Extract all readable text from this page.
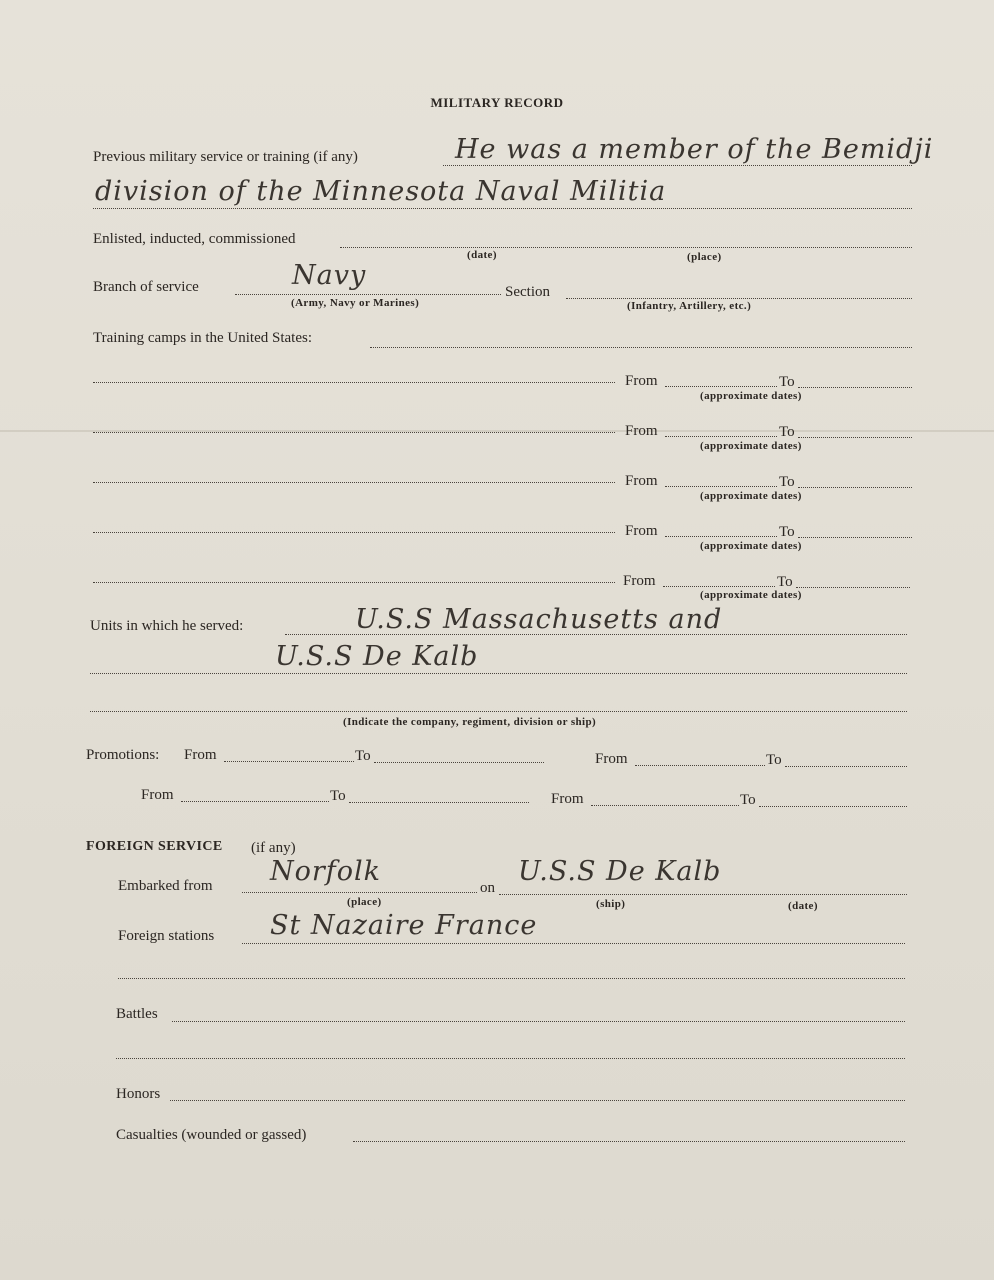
MILITARY RECORD
Previous military service or training (if any)	He was a member of the Bemidji
division of the Minnesota Naval Militia
Enlisted, inducted, commissioned
(date)	(place)
Branch of service	Navy
(Army, Navy or Marines)
Section
(Infantry, Artillery, etc.)
Training camps in the United States:
From	To
(approximate dates)
From	To
(approximate dates)
From	To
(approximate dates)
From	To
(approximate dates)
From	To
(approximate dates)
Units in which he served:	U.S.S Massachusetts and
U.S.S De Kalb
(Indicate the company, regiment, division or ship)
Promotions: From	To	From	To
From	To	From	To
FOREIGN SERVICE (if any)
Embarked from Norfolk
(place)
on
U.S.S De Kalb
(ship)	(date)
Foreign stations St Nazaire France
Battles
Honors
Casualties (wounded or gassed)
